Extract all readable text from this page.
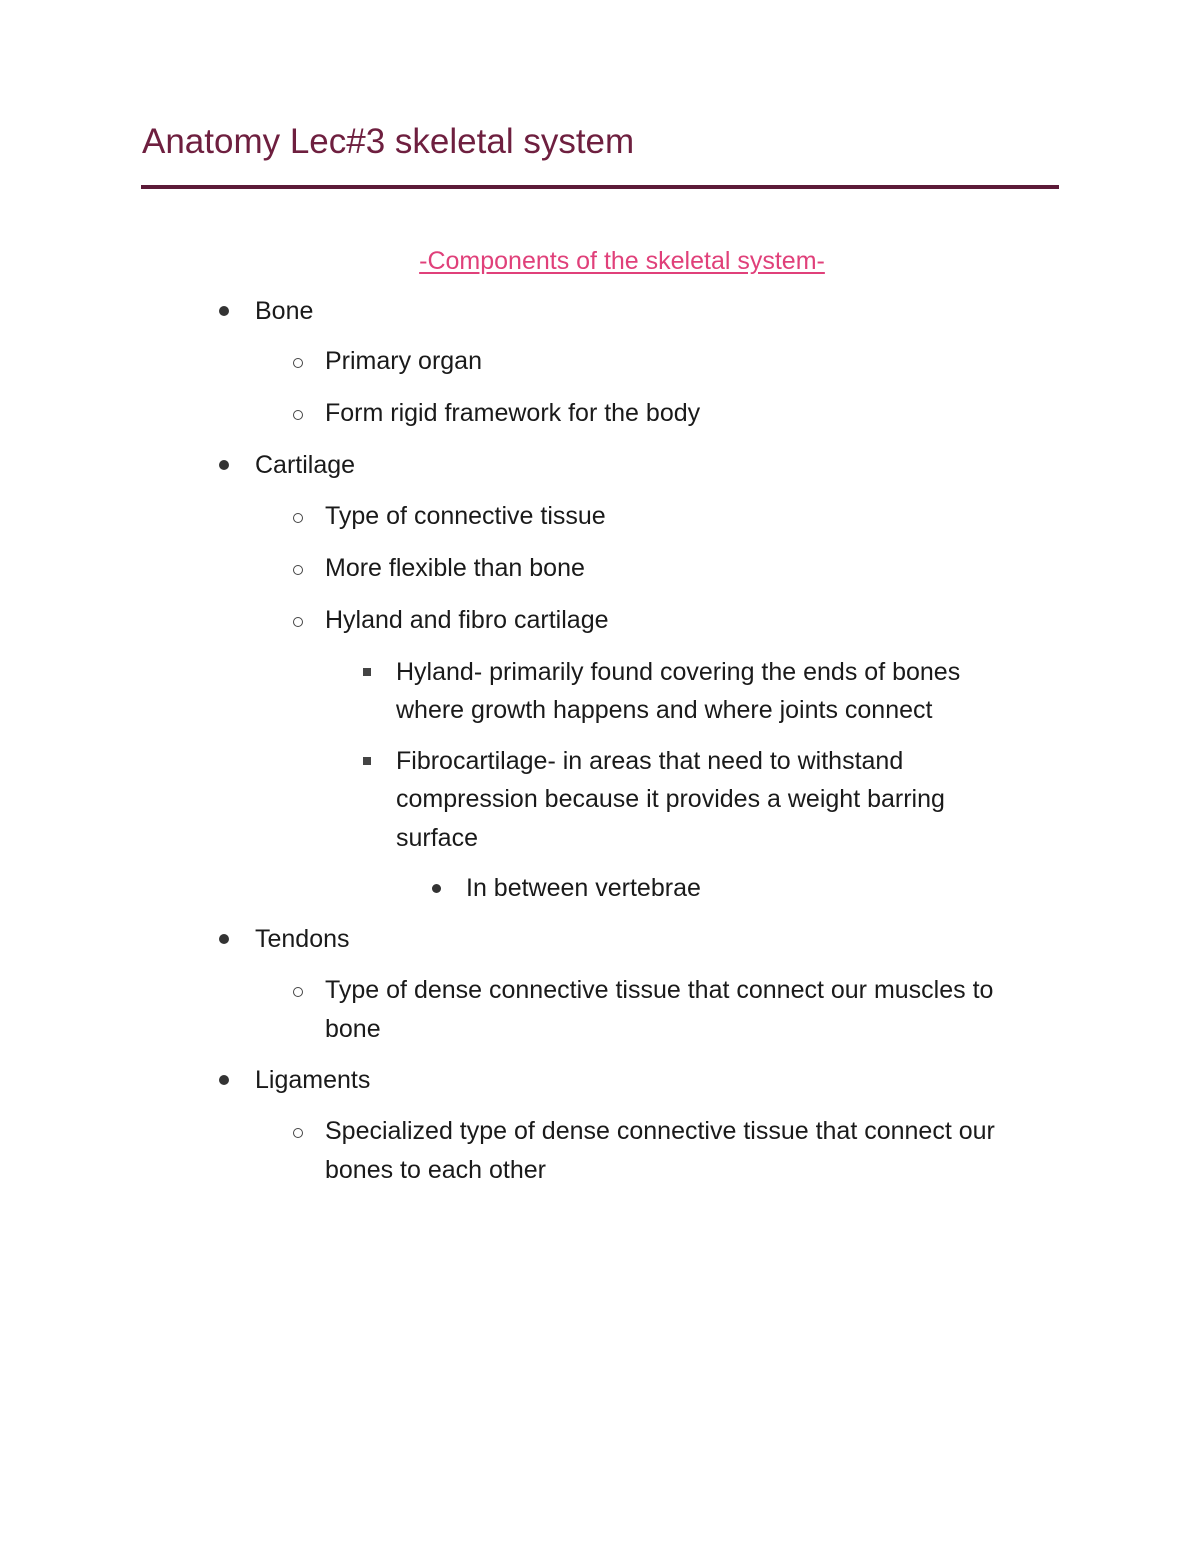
Anatomy Lec#3 skeletal system
-Components of the skeletal system-
Bone
Primary organ
Form rigid framework for the body
Cartilage
Type of connective tissue
More flexible than bone
Hyland and fibro cartilage
Hyland- primarily found covering the ends of bones
where growth happens and where joints connect
Fibrocartilage- in areas that need to withstand
compression because it provides a weight barring
surface
In between vertebrae
Tendons
Type of dense connective tissue that connect our muscles to
bone
Ligaments
Specialized type of dense connective tissue that connect our
bones to each other
